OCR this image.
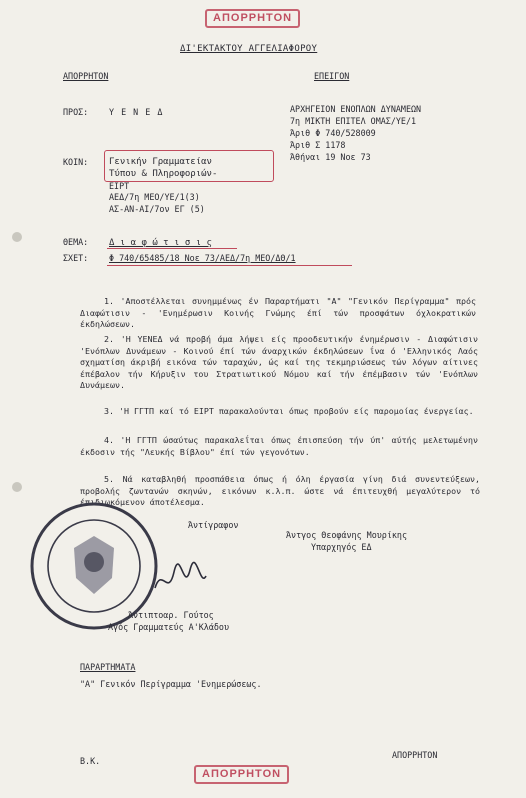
ΑΠΟΡΡΗΤΟΝ
ΔΙ'ΕΚΤΑΚΤΟΥ ΑΓΓΕΛΙΑΦΟΡΟΥ
ΑΠΟΡΡΗΤΟΝ	ΕΠΕΙΓΟΝ
ΠΡΟΣ: Υ Ε Ν Ε Δ	ΑΡΧΗΓΕΙΟΝ ΕΝΟΠΛΩΝ ΔΥΝΑΜΕΩΝ
7η ΜΙΚΤΗ ΕΠΙΤΕΛ ΟΜΑΣ/ΥΕ/1
Άριθ Φ 740/528009
Άριθ Σ 1178
Άθήναι 19 Νοε 73
ΚΟΙΝ: Γενικήν Γραμματείαν
Τύπου & Πληροφοριών-
ΕΙΡΤ
ΑΕΔ/7η ΜΕΟ/ΥΕ/1(3)
ΑΣ-ΑΝ-ΑΙ/7ον ΕΓ (5)
ΘΕΜΑ: Δ ι α φ ώ τ ι σ ι ς
ΣΧΕΤ: Φ 740/65485/18 Νοε 73/ΑΕΔ/7η ΜΕΟ/ΔΘ/1
1. 'Αποστέλλεται συνημμένως έν Παραρτήματι "Α" "Γενικόν Περίγραμμα" πρός Διαφώτισιν - 'Ενημέρωσιν Κοινής Γνώμης έπί τών προσφάτων όχλοκρατικών έκδηλώσεων.
2. 'Η ΥΕΝΕΔ νά προβή άμα λήψει είς προοδευτικήν ένημέρωσιν - Διαφώτισιν 'Ενόπλων Δυνάμεων - Κοινού έπί τών άναρχικών έκδηλώσεων ΐνα ό 'Ελληνικός Λαός σχηματίση άκριβή εικόνα τών ταραχών, ώς καί της τεκμηριώσεως τών λόγων αίτινες έπέβαλον τήν Κήρυξιν του Στρατιωτικού Νόμου καί τήν έπέμβασιν τών 'Ενόπλων Δυνάμεων.
3. 'Η ΓΓΤΠ καί τό ΕΙΡΤ παρακαλούνται όπως προβούν είς παρομοίας ένεργείας.
4. 'Η ΓΓΤΠ ώσαύτως παρακαλεΐται όπως έπισπεύση τήν ύπ' αύτής μελετωμένην έκδοσιν τής "Λευκής Βίβλου" έπί τών γεγονότων.
5. Νά καταβληθή προσπάθεια όπως ή όλη έργασία γίνη διά συνεντεύξεων, προβολής ζωντανών σκηνών, εικόνων κ.λ.π. ώστε νά έπιτευχθή μεγαλύτερον τό έπιδιωκόμενον άποτέλεσμα.
Άντίγραφον
Άντιπτοαρ. Γούτος
Αγός Γραμματεύς Α'Κλάδου
Άντγος Θεοφάνης Μουρίκης
Υπαρχηγός ΕΔ
ΠΑΡΑΡΤΗΜΑΤΑ
"Α" Γενικόν Περίγραμμα 'Ενημερώσεως.
Β.Κ.
ΑΠΟΡΡΗΤΟΝ
ΑΠΟΡΡΗΤΟΝ
